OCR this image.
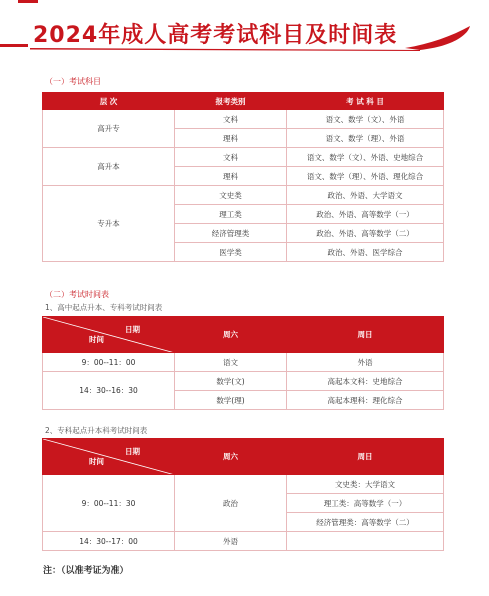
2024年成人高考考试科目及时间表
（一）考试科目
层 次	报考类别	考 试 科 目
高升专	文科	语文、数学（文）、外语
	理科	语文、数学（理）、外语
高升本	文科	语文、数学（文）、外语、史地综合
	理科	语文、数学（理）、外语、理化综合
专升本	文史类	政治、外语、大学语文
	理工类	政治、外语、高等数学（一）
	经济管理类	政治、外语、高等数学（二）
	医学类	政治、外语、医学综合
（二）考试时间表
1、高中起点升本、专科考试时间表
日期
时间	周六	周日
9：00--11：00	语文	外语
14：30--16：30	数学(文)	高起本文科：史地综合
	数学(理)	高起本理科：理化综合
2、专科起点升本科考试时间表
日期
时间	周六	周日
9：00--11：30	政治	文史类：大学语文
		理工类：高等数学（一）
		经济管理类：高等数学（二）
14：30--17：00	外语	
注：（以准考证为准）
